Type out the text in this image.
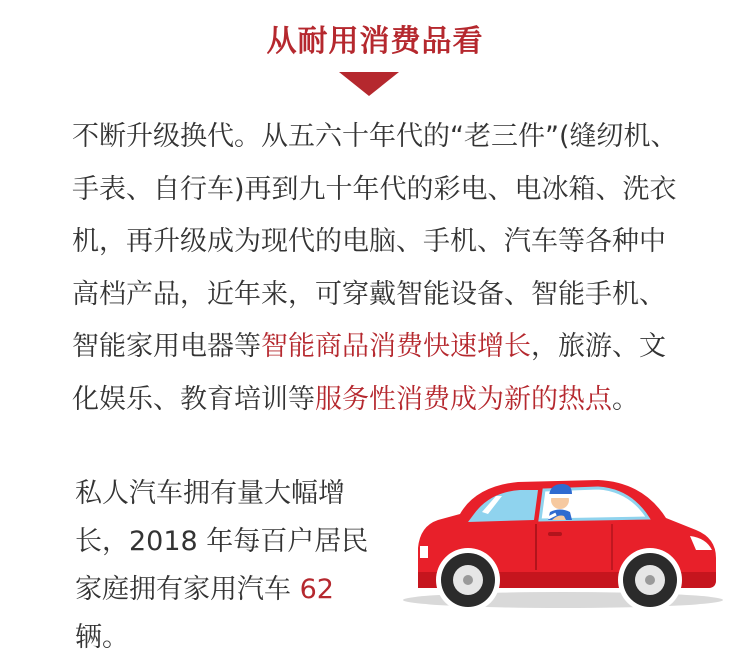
从耐用消费品看

不断升级换代。从五六十年代的“老三件”(缝纫机、手表、自行车)再到九十年代的彩电、电冰箱、洗衣机，再升级成为现代的电脑、手机、汽车等各种中高档产品，近年来，可穿戴智能设备、智能手机、智能家用电器等智能商品消费快速增长，旅游、文化娱乐、教育培训等服务性消费成为新的热点。

私人汽车拥有量大幅增长，2018 年每百户居民家庭拥有家用汽车 62 辆。
